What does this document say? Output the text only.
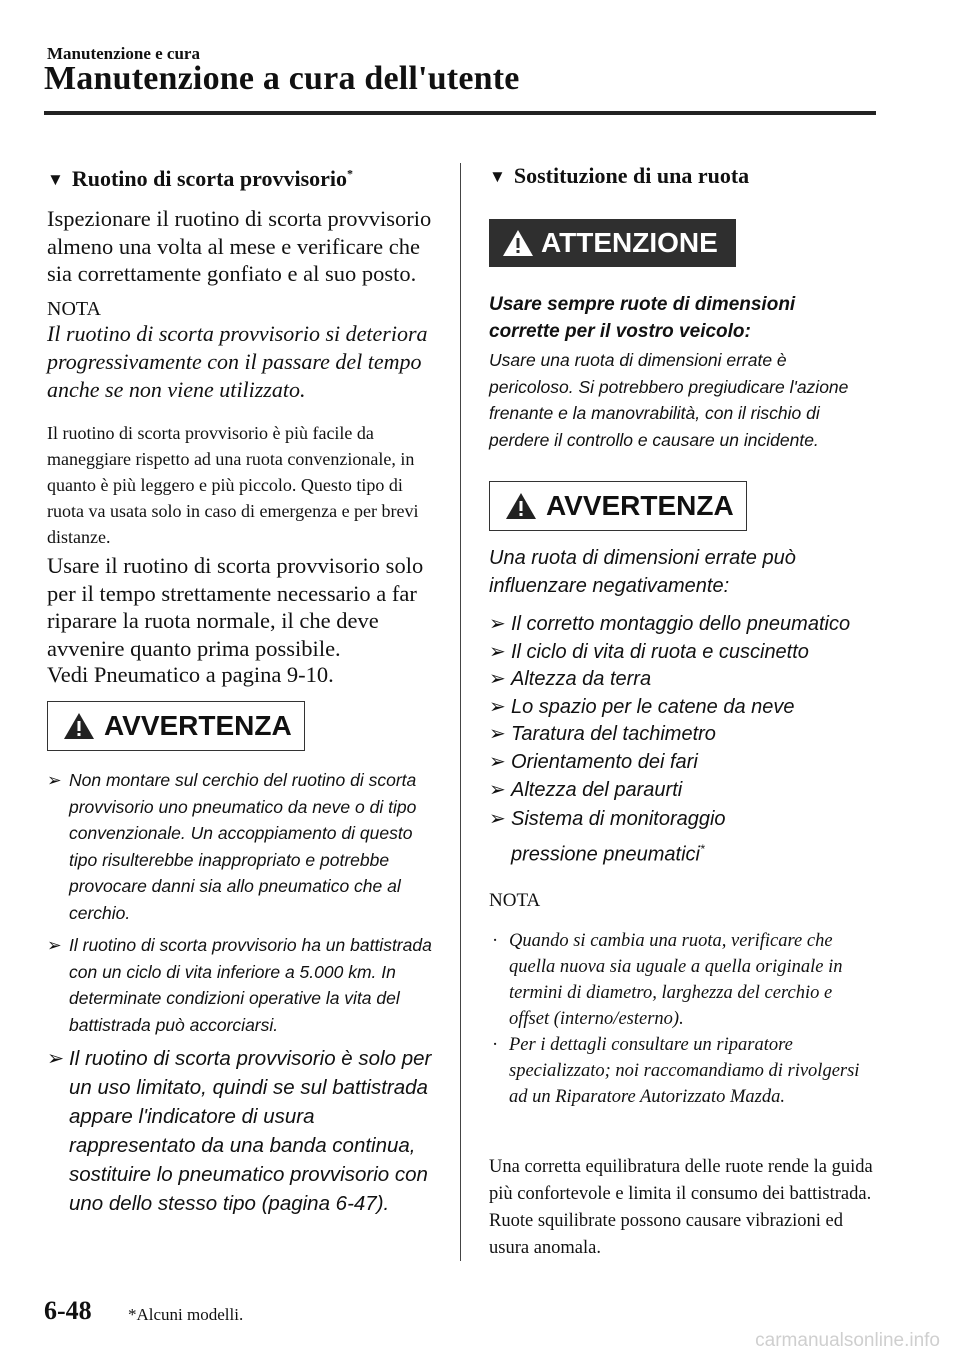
Manutenzione e cura
Manutenzione a cura dell'utente
▼ Ruotino di scorta provvisorio*
Ispezionare il ruotino di scorta provvisorio almeno una volta al mese e verificare che sia correttamente gonfiato e al suo posto.
NOTA
Il ruotino di scorta provvisorio si deteriora progressivamente con il passare del tempo anche se non viene utilizzato.
Il ruotino di scorta provvisorio è più facile da maneggiare rispetto ad una ruota convenzionale, in quanto è più leggero e più piccolo. Questo tipo di ruota va usata solo in caso di emergenza e per brevi distanze.
Usare il ruotino di scorta provvisorio solo per il tempo strettamente necessario a far riparare la ruota normale, il che deve avvenire quanto prima possibile.
Vedi Pneumatico a pagina 9-10.
AVVERTENZA
➢ Non montare sul cerchio del ruotino di scorta provvisorio uno pneumatico da neve o di tipo convenzionale. Un accoppiamento di questo tipo risulterebbe inappropriato e potrebbe provocare danni sia allo pneumatico che al cerchio.
➢ Il ruotino di scorta provvisorio ha un battistrada con un ciclo di vita inferiore a 5.000 km. In determinate condizioni operative la vita del battistrada può accorciarsi.
➢ Il ruotino di scorta provvisorio è solo per un uso limitato, quindi se sul battistrada appare l'indicatore di usura rappresentato da una banda continua, sostituire lo pneumatico provvisorio con uno dello stesso tipo (pagina 6-47).
▼ Sostituzione di una ruota
ATTENZIONE
Usare sempre ruote di dimensioni corrette per il vostro veicolo:
Usare una ruota di dimensioni errate è pericoloso. Si potrebbero pregiudicare l'azione frenante e la manovrabilità, con il rischio di perdere il controllo e causare un incidente.
AVVERTENZA
Una ruota di dimensioni errate può influenzare negativamente:
➢ Il corretto montaggio dello pneumatico
➢ Il ciclo di vita di ruota e cuscinetto
➢ Altezza da terra
➢ Lo spazio per le catene da neve
➢ Taratura del tachimetro
➢ Orientamento dei fari
➢ Altezza del paraurti
➢ Sistema di monitoraggio pressione pneumatici*
NOTA
· Quando si cambia una ruota, verificare che quella nuova sia uguale a quella originale in termini di diametro, larghezza del cerchio e offset (interno/esterno).
· Per i dettagli consultare un riparatore specializzato; noi raccomandiamo di rivolgersi ad un Riparatore Autorizzato Mazda.
Una corretta equilibratura delle ruote rende la guida più confortevole e limita il consumo dei battistrada. Ruote squilibrate possono causare vibrazioni ed usura anomala.
6-48 *Alcuni modelli.
carmanualsonline.info
